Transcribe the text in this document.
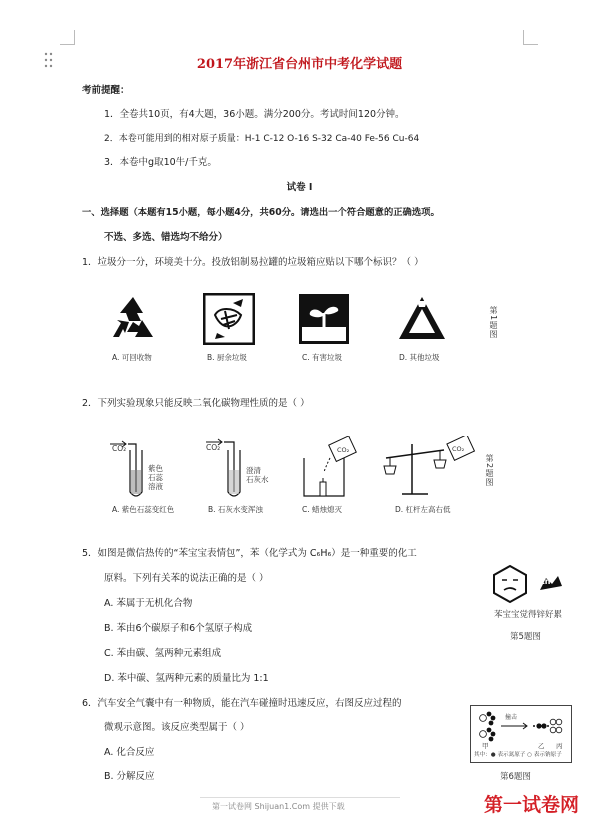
2017年浙江省台州市中考化学试题
考前提醒：
1．全卷共10页，有4大题，36小题。满分200分。考试时间120分钟。
2．本卷可能用到的相对原子质量：H-1 C-12 O-16 S-32 Ca-40 Fe-56 Cu-64
3．本卷中g取10牛/千克。
试卷 I
一、选择题（本题有15小题，每小题4分，共60分。请选出一个符合题意的正确选项。
不选、多选、错选均不给分）
1．垃圾分一分，环境美十分。投放铝制易拉罐的垃圾箱应贴以下哪个标识？（ ）
A. 可回收物	B. 厨余垃圾	C. 有害垃圾	D. 其他垃圾
第1题图
2．下列实验现象只能反映二氧化碳物理性质的是（ ）
CO₂
紫色
石蕊
溶液
CO₂
澄清
石灰水
CO₂	CO₂
A. 紫色石蕊变红色	B. 石灰水变浑浊	C. 蜡烛熄灭	D. 杠杆左高右低
第2题图
5．如图是微信热传的“苯宝宝表情包”，苯（化学式为 C₆H₆）是一种重要的化工
原料。下列有关苯的说法正确的是（ ）
A. 苯属于无机化合物
B. 苯由6个碳原子和6个氢原子构成
C. 苯由碳、氢两种元素组成
D. 苯中碳、氢两种元素的质量比为 1:1
Zn
苯宝宝觉得锌好累
第5题图
6．汽车安全气囊中有一种物质，能在汽车碰撞时迅速反应，右图反应过程的
微观示意图。该反应类型属于（ ）
A. 化合反应
B. 分解反应
撞击
甲	乙 丙
其中：● 表示氮原子 ○ 表示钠原子
第6题图
第一试卷网 Shijuan1.Com 提供下载	第一试卷网
